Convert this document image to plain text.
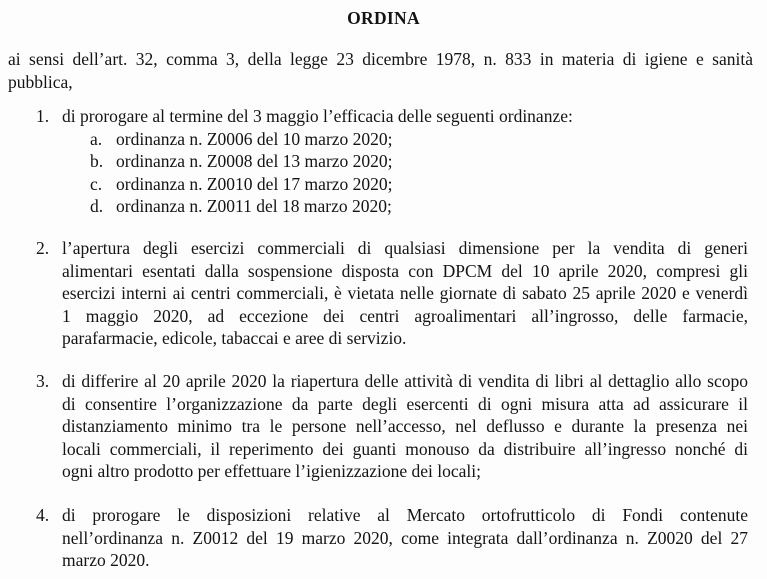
ORDINA
ai sensi dell’art. 32, comma 3, della legge 23 dicembre 1978, n. 833 in materia di igiene e sanità
pubblica,
1. di prorogare al termine del 3 maggio l’efficacia delle seguenti ordinanze:
a. ordinanza n. Z0006 del 10 marzo 2020;
b. ordinanza n. Z0008 del 13 marzo 2020;
c. ordinanza n. Z0010 del 17 marzo 2020;
d. ordinanza n. Z0011 del 18 marzo 2020;
2. l’apertura degli esercizi commerciali di qualsiasi dimensione per la vendita di generi
alimentari esentati dalla sospensione disposta con DPCM del 10 aprile 2020, compresi gli
esercizi interni ai centri commerciali, è vietata nelle giornate di sabato 25 aprile 2020 e venerdì
1 maggio 2020, ad eccezione dei centri agroalimentari all’ingrosso, delle farmacie,
parafarmacie, edicole, tabaccai e aree di servizio.
3. di differire al 20 aprile 2020 la riapertura delle attività di vendita di libri al dettaglio allo scopo
di consentire l’organizzazione da parte degli esercenti di ogni misura atta ad assicurare il
distanziamento minimo tra le persone nell’accesso, nel deflusso e durante la presenza nei
locali commerciali, il reperimento dei guanti monouso da distribuire all’ingresso nonché di
ogni altro prodotto per effettuare l’igienizzazione dei locali;
4. di prorogare le disposizioni relative al Mercato ortofrutticolo di Fondi contenute
nell’ordinanza n. Z0012 del 19 marzo 2020, come integrata dall’ordinanza n. Z0020 del 27
marzo 2020.
